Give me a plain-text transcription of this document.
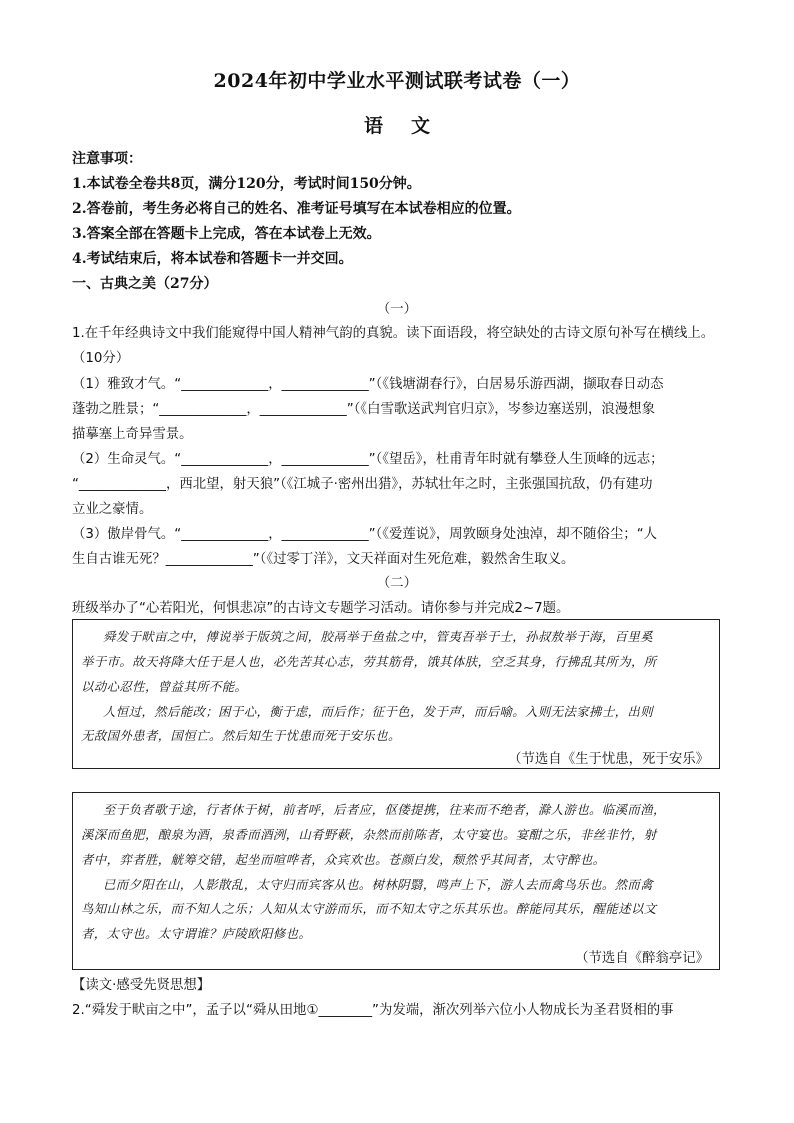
2024年初中学业水平测试联考试卷（一）
语文
注意事项：
1.本试卷全卷共8页，满分120分，考试时间150分钟。
2.答卷前，考生务必将自己的姓名、准考证号填写在本试卷相应的位置。
3.答案全部在答题卡上完成，答在本试卷上无效。
4.考试结束后，将本试卷和答题卡一并交回。
一、古典之美（27分）
（一）
1.在千年经典诗文中我们能窥得中国人精神气韵的真貌。读下面语段，将空缺处的古诗文原句补写在横线上。
（10分）
（1）雅致才气。“_____________，_____________”（《钱塘湖春行》，白居易乐游西湖，撷取春日动态
蓬勃之胜景；“_____________，_____________”（《白雪歌送武判官归京》，岑参边塞送别，浪漫想象
描摹塞上奇异雪景。
（2）生命灵气。“_____________，_____________”（《望岳》，杜甫青年时就有攀登人生顶峰的远志；
“_____________，西北望，射天狼”（《江城子·密州出猎》，苏轼壮年之时，主张强国抗敌，仍有建功
立业之豪情。
（3）傲岸骨气。“_____________，_____________”（《爱莲说》，周敦颐身处浊淖，却不随俗尘；“人
生自古谁无死？_____________”（《过零丁洋》，文天祥面对生死危难，毅然舍生取义。
（二）
班级举办了“心若阳光，何惧悲凉”的古诗文专题学习活动。请你参与并完成2~7题。
舜发于畎亩之中，傅说举于版筑之间，胶鬲举于鱼盐之中，管夷吾举于士，孙叔敖举于海，百里奚
举于市。故天将降大任于是人也，必先苦其心志，劳其筋骨，饿其体肤，空乏其身，行拂乱其所为，所
以动心忍性，曾益其所不能。
人恒过，然后能改；困于心，衡于虑，而后作；征于色，发于声，而后喻。入则无法家拂士，出则
无敌国外患者，国恒亡。然后知生于忧患而死于安乐也。
（节选自《生于忧患，死于安乐》
至于负者歌于途，行者休于树，前者呼，后者应，伛偻提携，往来而不绝者，滁人游也。临溪而渔，
溪深而鱼肥，酿泉为酒，泉香而酒洌，山肴野蔌，杂然而前陈者，太守宴也。宴酣之乐，非丝非竹，射
者中，弈者胜，觥筹交错，起坐而喧哗者，众宾欢也。苍颜白发，颓然乎其间者，太守醉也。
已而夕阳在山，人影散乱，太守归而宾客从也。树林阴翳，鸣声上下，游人去而禽鸟乐也。然而禽
鸟知山林之乐，而不知人之乐；人知从太守游而乐，而不知太守之乐其乐也。醉能同其乐，醒能述以文
者，太守也。太守谓谁？庐陵欧阳修也。
（节选自《醉翁亭记》
【读文·感受先贤思想】
2.“舜发于畎亩之中”，孟子以“舜从田地①________”为发端，渐次列举六位小人物成长为圣君贤相的事
